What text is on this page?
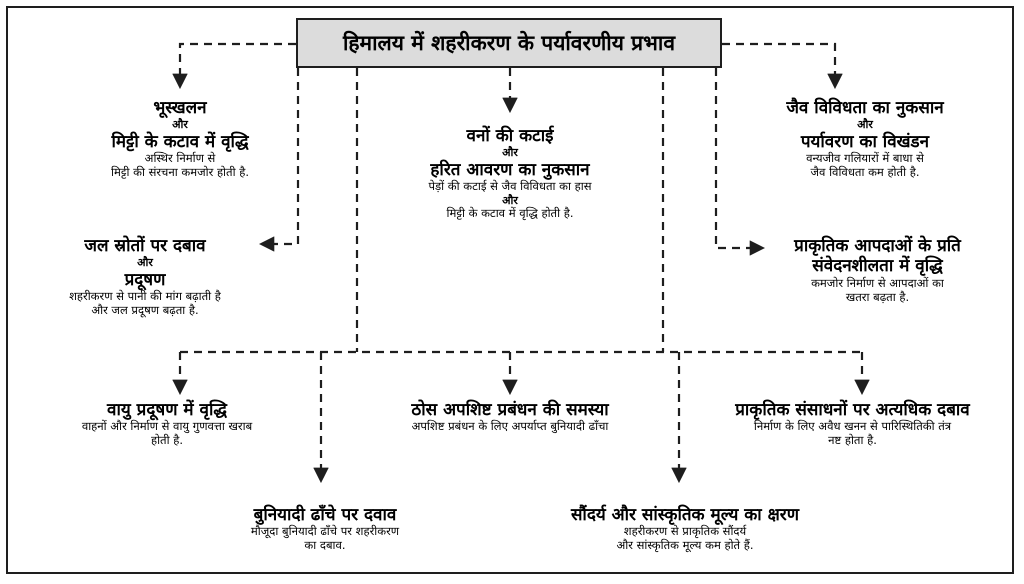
हिमालय में शहरीकरण के पर्यावरणीय प्रभाव
भूस्खलन
और
मिट्टी के कटाव में वृद्धि
अस्थिर निर्माण से
मिट्टी की संरचना कमजोर होती है.
जल स्रोतों पर दबाव
और
प्रदूषण
शहरीकरण से पानी की मांग बढ़ाती है
और जल प्रदूषण बढ़ता है.
वनों की कटाई
और
हरित आवरण का नुकसान
पेड़ों की कटाई से जैव विविधता का हास
और
मिट्टी के कटाव में वृद्धि होती है.
जैव विविधता का नुकसान
और
पर्यावरण का विखंडन
वन्यजीव गलियारों में बाधा से
जैव विविधता कम होती है.
प्राकृतिक आपदाओं के प्रति
संवेदनशीलता में वृद्धि
कमजोर निर्माण से आपदाओं का
खतरा बढ़ता है.
वायु प्रदूषण में वृद्धि
वाहनों और निर्माण से वायु गुणवत्ता खराब
होती है.
ठोस अपशिष्ट प्रबंधन की समस्या
अपशिष्ट प्रबंधन के लिए अपर्याप्त बुनियादी ढाँचा
प्राकृतिक संसाधनों पर अत्यधिक दबाव
निर्माण के लिए अवैध खनन से पारिस्थितिकी तंत्र
नष्ट होता है.
बुनियादी ढाँचे पर दवाव
मौजूदा बुनियादी ढाँचे पर शहरीकरण
का दबाव.
सौंदर्य और सांस्कृतिक मूल्य का क्षरण
शहरीकरण से प्राकृतिक सौंदर्य
और सांस्कृतिक मूल्य कम होते हैं.
